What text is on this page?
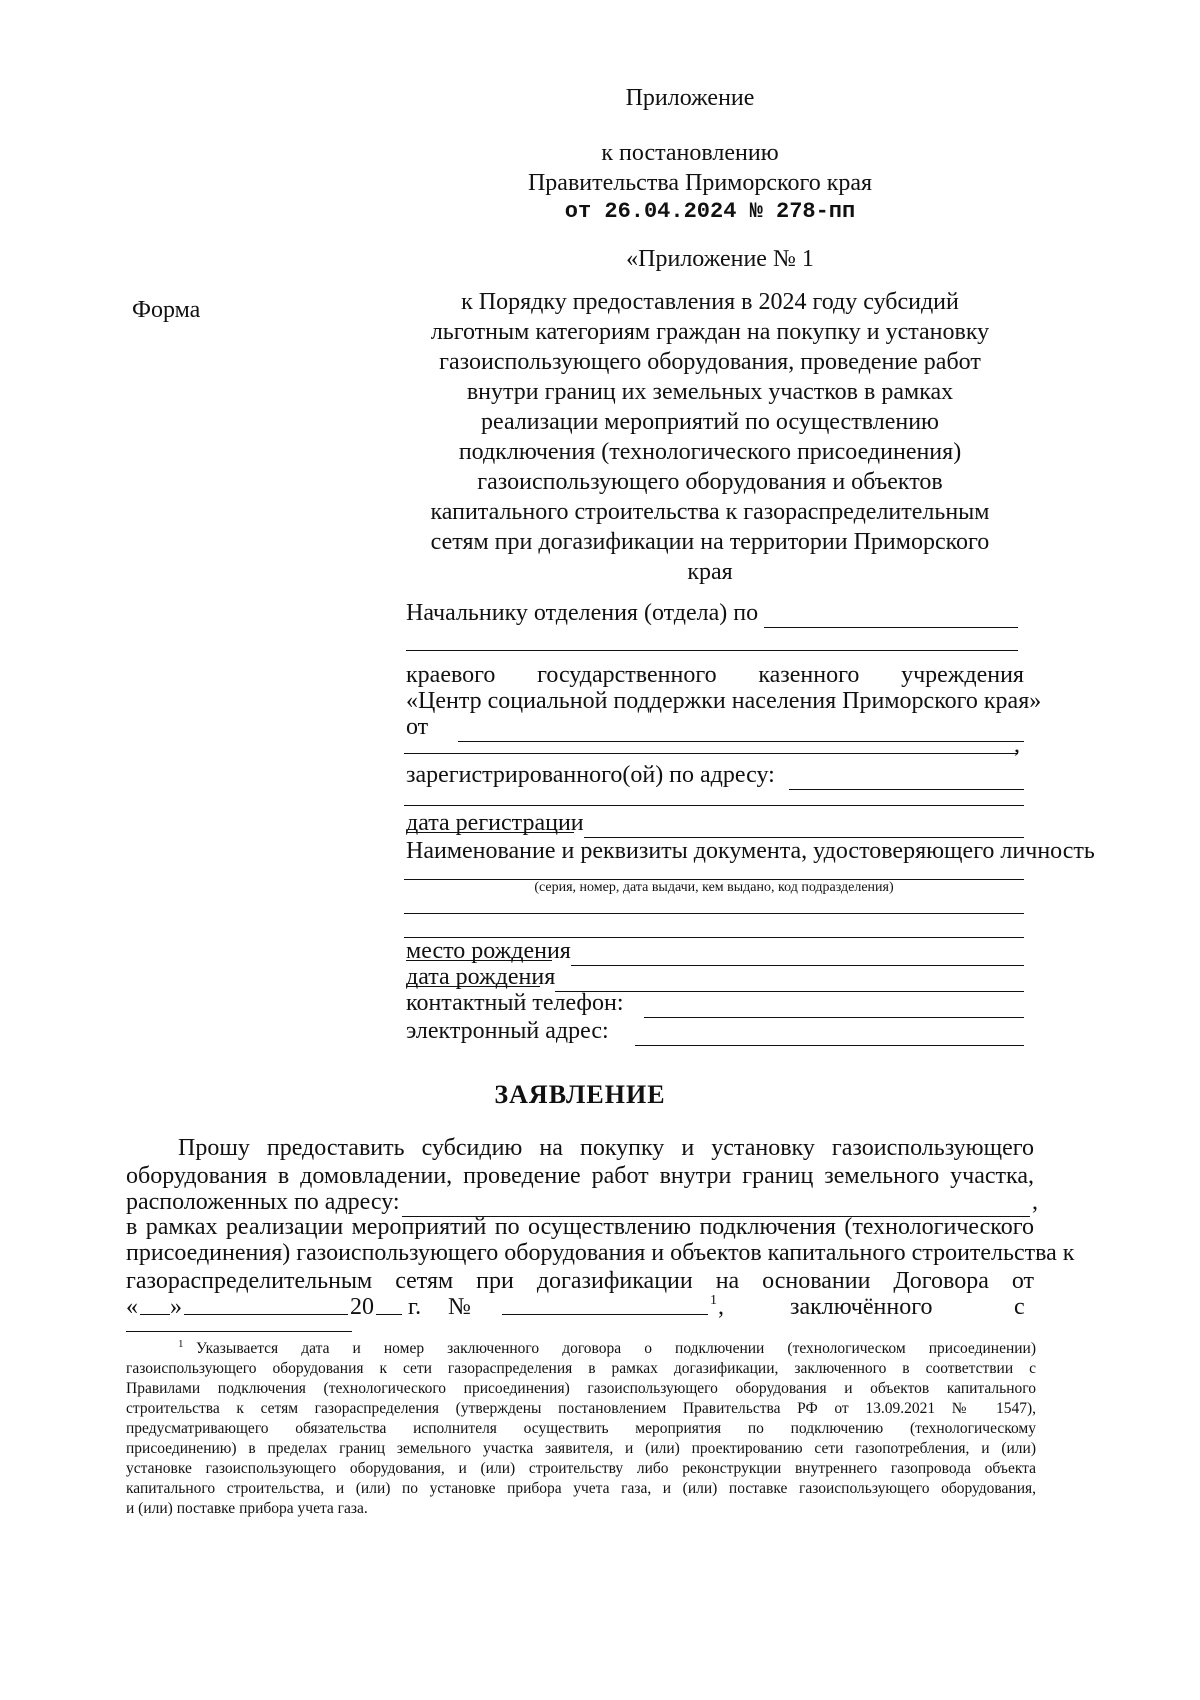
Приложение
к постановлению
Правительства Приморского края
от 26.04.2024 № 278-пп
«Приложение № 1
Форма	к Порядку предоставления в 2024 году субсидий
льготным категориям граждан на покупку и установку
газоиспользующего оборудования, проведение работ
внутри границ их земельных участков в рамках
реализации мероприятий по осуществлению
подключения (технологического присоединения)
газоиспользующего оборудования и объектов
капитального строительства к газораспределительным
сетям при догазификации на территории Приморского
края
Начальнику отделения (отдела) по
краевого государственного казенного учреждения
«Центр социальной поддержки населения Приморского края»
от
,
зарегистрированного(ой) по адресу:
дата регистрации
Наименование и реквизиты документа, удостоверяющего личность
(серия, номер, дата выдачи, кем выдано, код подразделения)
место рождения
дата рождения
контактный телефон:
электронный адрес:
ЗАЯВЛЕНИЕ
Прошу предоставить субсидию на покупку и установку газоиспользующего
оборудования в домовладении, проведение работ внутри границ земельного участка,
расположенных по адресу:	,
в рамках реализации мероприятий по осуществлению подключения (технологического
присоединения) газоиспользующего оборудования и объектов капитального строительства к
газораспределительным сетям при догазификации на основании Договора от
« »	20 г. №	1 ,	заключённого	с
1 Указывается дата и номер заключенного договора о подключении (технологическом присоединении)
газоиспользующего оборудования к сети газораспределения в рамках догазификации, заключенного в соответствии с
Правилами подключения (технологического присоединения) газоиспользующего оборудования и объектов капитального
строительства к сетям газораспределения (утверждены постановлением Правительства РФ от 13.09.2021 № 1547),
предусматривающего обязательства исполнителя осуществить мероприятия по подключению (технологическому
присоединению) в пределах границ земельного участка заявителя, и (или) проектированию сети газопотребления, и (или)
установке газоиспользующего оборудования, и (или) строительству либо реконструкции внутреннего газопровода объекта
капитального строительства, и (или) по установке прибора учета газа, и (или) поставке газоиспользующего оборудования,
и (или) поставке прибора учета газа.
